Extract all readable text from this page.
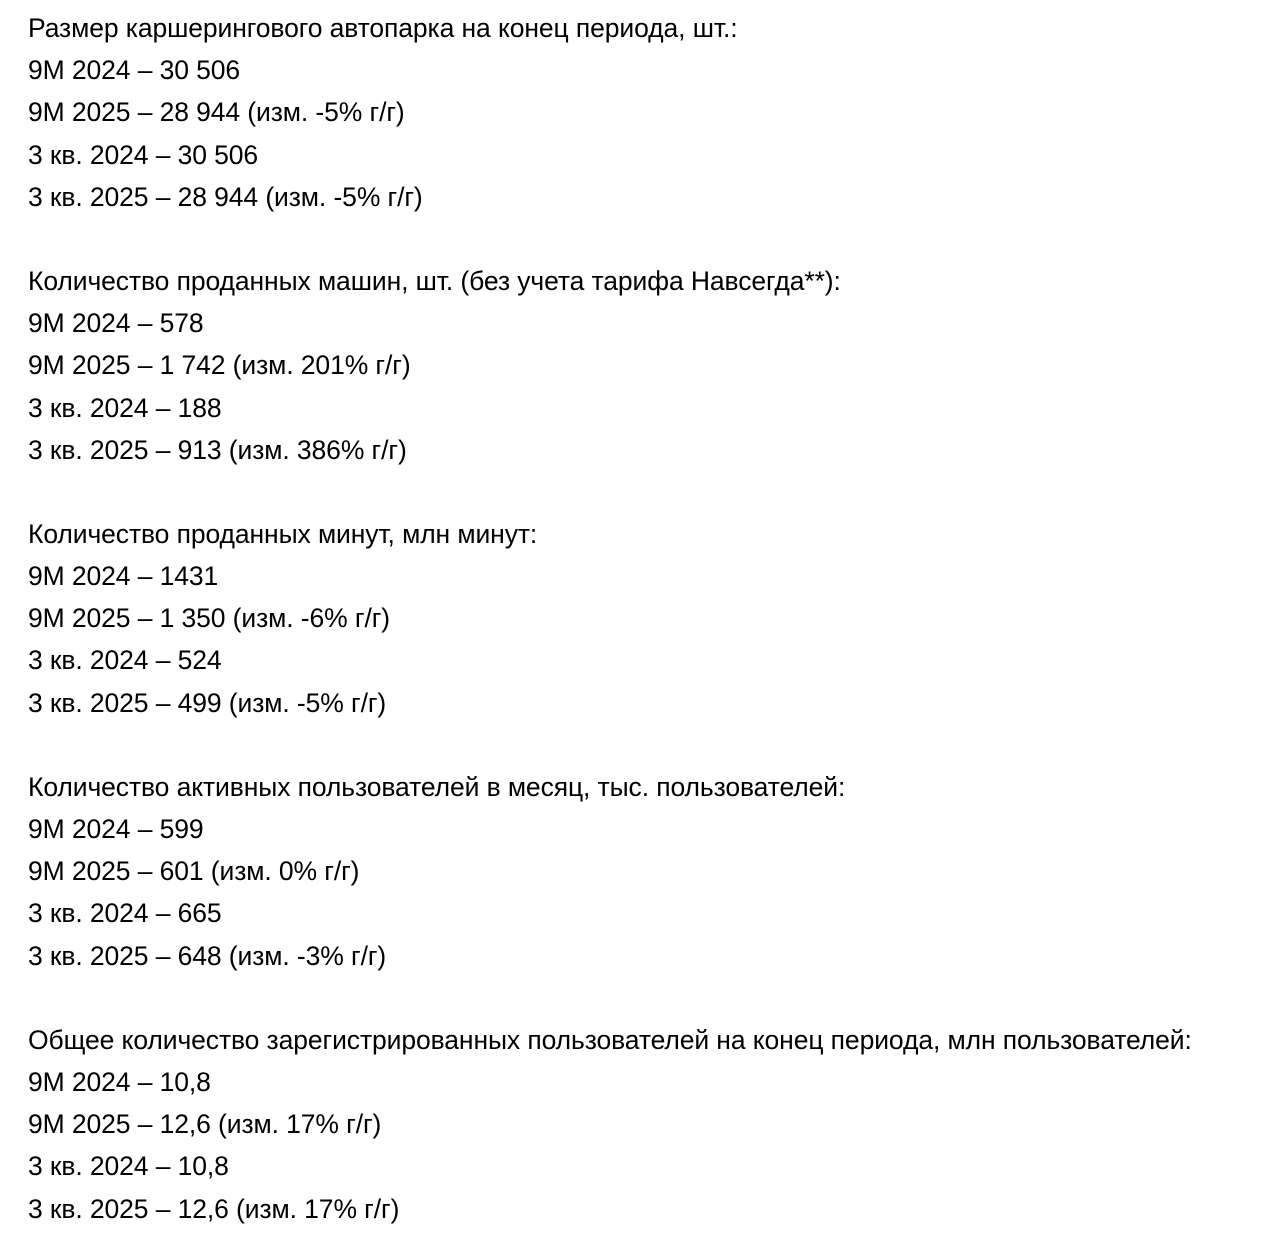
Размер каршерингового автопарка на конец периода, шт.:
9М 2024 – 30 506
9М 2025 – 28 944 (изм. -5% г/г)
3 кв. 2024 – 30 506
3 кв. 2025 – 28 944 (изм. -5% г/г)
Количество проданных машин, шт. (без учета тарифа Навсегда**):
9М 2024 – 578
9М 2025 – 1 742 (изм. 201% г/г)
3 кв. 2024 – 188
3 кв. 2025 – 913 (изм. 386% г/г)
Количество проданных минут, млн минут:
9М 2024 – 1431
9М 2025 – 1 350 (изм. -6% г/г)
3 кв. 2024 – 524
3 кв. 2025 – 499 (изм. -5% г/г)
Количество активных пользователей в месяц, тыс. пользователей:
9М 2024 – 599
9М 2025 – 601 (изм. 0% г/г)
3 кв. 2024 – 665
3 кв. 2025 – 648 (изм. -3% г/г)
Общее количество зарегистрированных пользователей на конец периода, млн пользователей:
9М 2024 – 10,8
9М 2025 – 12,6 (изм. 17% г/г)
3 кв. 2024 – 10,8
3 кв. 2025 – 12,6 (изм. 17% г/г)
